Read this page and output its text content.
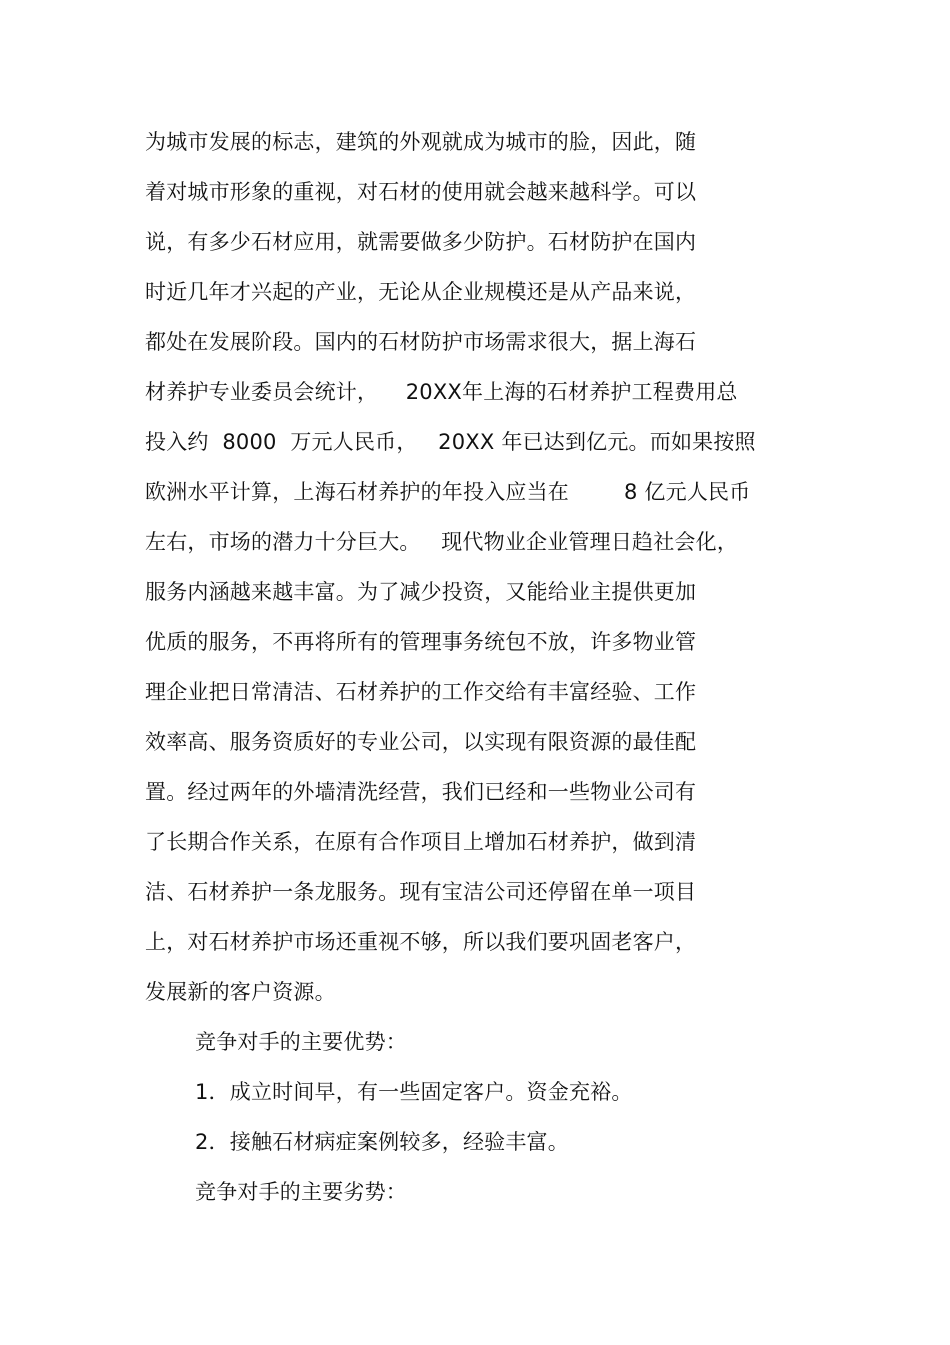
为城市发展的标志，建筑的外观就成为城市的脸，因此，随
着对城市形象的重视，对石材的使用就会越来越科学。可以
说，有多少石材应用，就需要做多少防护。石材防护在国内
时近几年才兴起的产业，无论从企业规模还是从产品来说，
都处在发展阶段。国内的石材防护市场需求很大，据上海石
材养护专业委员会统计，    20XX年上海的石材养护工程费用总
投入约  8000  万元人民币，   20XX 年已达到亿元。而如果按照
欧洲水平计算，上海石材养护的年投入应当在        8 亿元人民币
左右，市场的潜力十分巨大。   现代物业企业管理日趋社会化，
服务内涵越来越丰富。为了减少投资，又能给业主提供更加
优质的服务，不再将所有的管理事务统包不放，许多物业管
理企业把日常清洁、石材养护的工作交给有丰富经验、工作
效率高、服务资质好的专业公司，以实现有限资源的最佳配
置。经过两年的外墙清洗经营，我们已经和一些物业公司有
了长期合作关系，在原有合作项目上增加石材养护，做到清
洁、石材养护一条龙服务。现有宝洁公司还停留在单一项目
上，对石材养护市场还重视不够，所以我们要巩固老客户，
发展新的客户资源。
竞争对手的主要优势：
1．成立时间早，有一些固定客户。资金充裕。
2．接触石材病症案例较多，经验丰富。
竞争对手的主要劣势：
